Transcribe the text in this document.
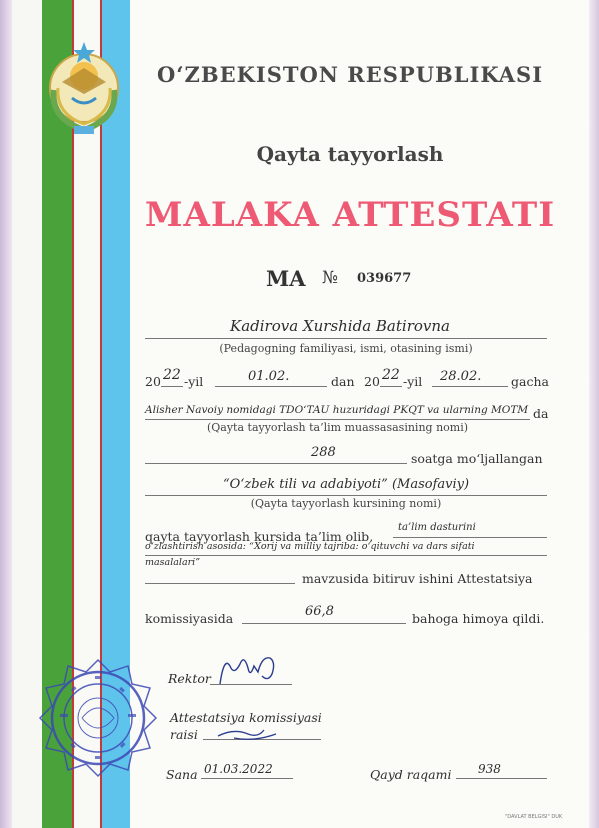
O‘ZBEKISTON RESPUBLIKASI
Qayta tayyorlash
MALAKA ATTESTATI
MA № 039677
Kadirova Xurshida Batirovna
(Pedagogning familiyasi, ismi, otasining ismi)
20 22 -yil	01.02.	dan 20 22 -yil 28.02. gacha
Alisher Navoiy nomidagi TDO‘TAU huzuridagi PKQT va ularning MOTM da
(Qayta tayyorlash ta’lim muassasasining nomi)
288	soatga mo‘ljallangan
“O‘zbek tili va adabiyoti” (Masofaviy)
(Qayta tayyorlash kursining nomi)
qayta tayyorlash kursida ta’lim olib,
ta’lim dasturini
o‘zlashtirish asosida: “Xorij va milliy tajriba: o‘qituvchi va dars sifati
masalalari”
mavzusida bitiruv ishini Attestatsiya
komissiyasida	66,8	bahoga himoya qildi.
Rektor
Attestatsiya komissiyasi
raisi
Sana 01.03.2022	Qayd raqami 938
"DAVLAT BELGISI" DUK
